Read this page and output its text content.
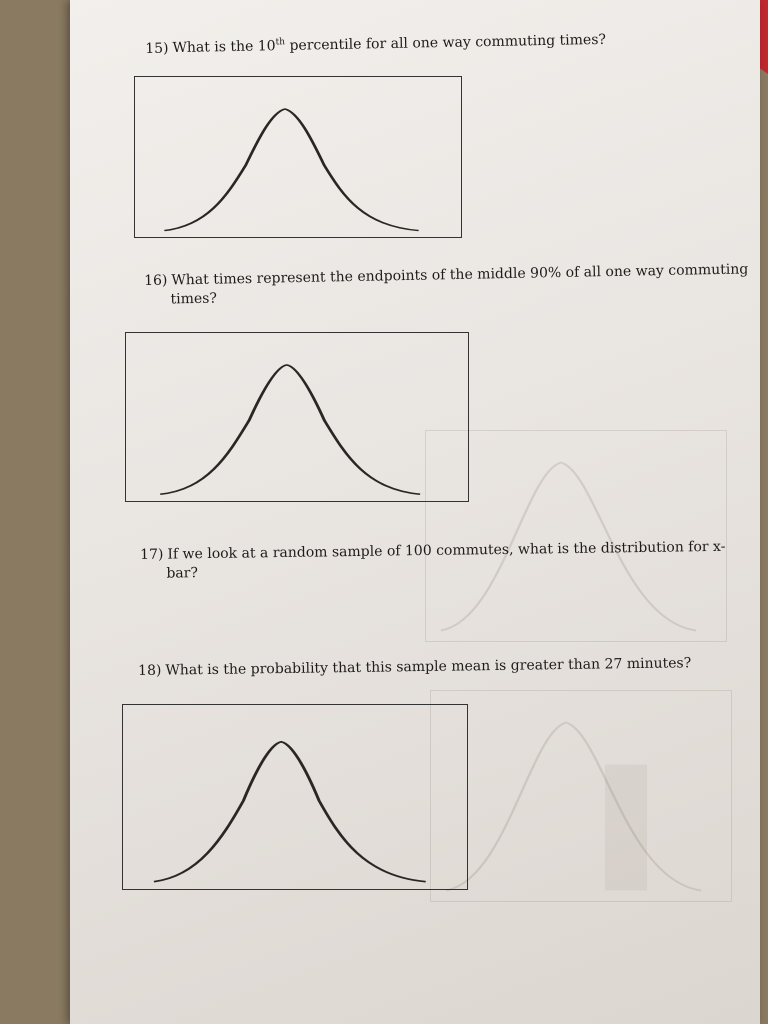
15) What is the 10th percentile for all one way commuting times?

16) What times represent the endpoints of the middle 90% of all one way commuting
times?

17) If we look at a random sample of 100 commutes, what is the distribution for x-
bar?

18) What is the probability that this sample mean is greater than 27 minutes?
